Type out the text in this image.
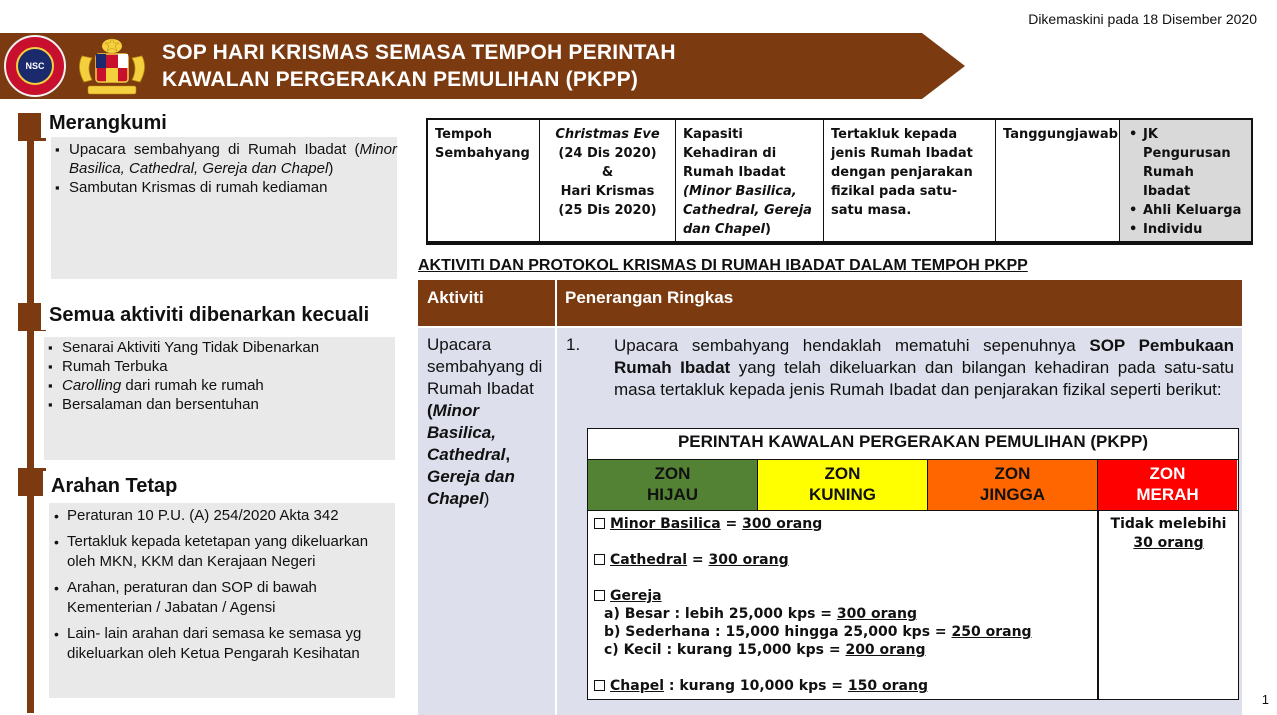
Dikemaskini pada 18 Disember 2020
NSC
SOP HARI KRISMAS SEMASA TEMPOH PERINTAH
KAWALAN PERGERAKAN PEMULIHAN (PKPP)
Merangkumi
▪ Upacara sembahyang di Rumah Ibadat (Minor Basilica, Cathedral, Gereja dan Chapel)
▪ Sambutan Krismas di rumah kediaman
Semua aktiviti dibenarkan kecuali
▪ Senarai Aktiviti Yang Tidak Dibenarkan
▪ Rumah Terbuka
▪ Carolling dari rumah ke rumah
▪ Bersalaman dan bersentuhan
Arahan Tetap
• Peraturan 10 P.U. (A) 254/2020 Akta 342
• Tertakluk kepada ketetapan yang dikeluarkan oleh MKN, KKM dan Kerajaan Negeri
• Arahan, peraturan dan SOP di bawah Kementerian / Jabatan / Agensi
• Lain- lain arahan dari semasa ke semasa yg dikeluarkan oleh Ketua Pengarah Kesihatan
Tempoh Sembahyang
Christmas Eve
(24 Dis 2020)
&
Hari Krismas
(25 Dis 2020)
Kapasiti Kehadiran di Rumah Ibadat (Minor Basilica, Cathedral, Gereja dan Chapel)
Tertakluk kepada jenis Rumah Ibadat dengan penjarakan fizikal pada satu-satu masa.
Tanggungjawab
•	JK Pengurusan Rumah Ibadat
• Ahli Keluarga
• Individu
AKTIVITI DAN PROTOKOL KRISMAS DI RUMAH IBADAT DALAM TEMPOH PKPP
Aktiviti	Penerangan Ringkas
Upacara sembahyang di Rumah Ibadat (Minor Basilica, Cathedral, Gereja dan Chapel)
1. Upacara sembahyang hendaklah mematuhi sepenuhnya SOP Pembukaan Rumah Ibadat yang telah dikeluarkan dan bilangan kehadiran pada satu-satu masa tertakluk kepada jenis Rumah Ibadat dan penjarakan fizikal seperti berikut:
PERINTAH KAWALAN PERGERAKAN PEMULIHAN (PKPP)
ZON
HIJAU
ZON
KUNING
ZON
JINGGA
ZON
MERAH
Minor Basilica = 300 orang
Cathedral = 300 orang
Gereja
a) Besar : lebih 25,000 kps = 300 orang
b) Sederhana : 15,000 hingga 25,000 kps = 250 orang
c) Kecil : kurang 15,000 kps = 200 orang
Chapel : kurang 10,000 kps = 150 orang
Tidak melebihi
30 orang
1
